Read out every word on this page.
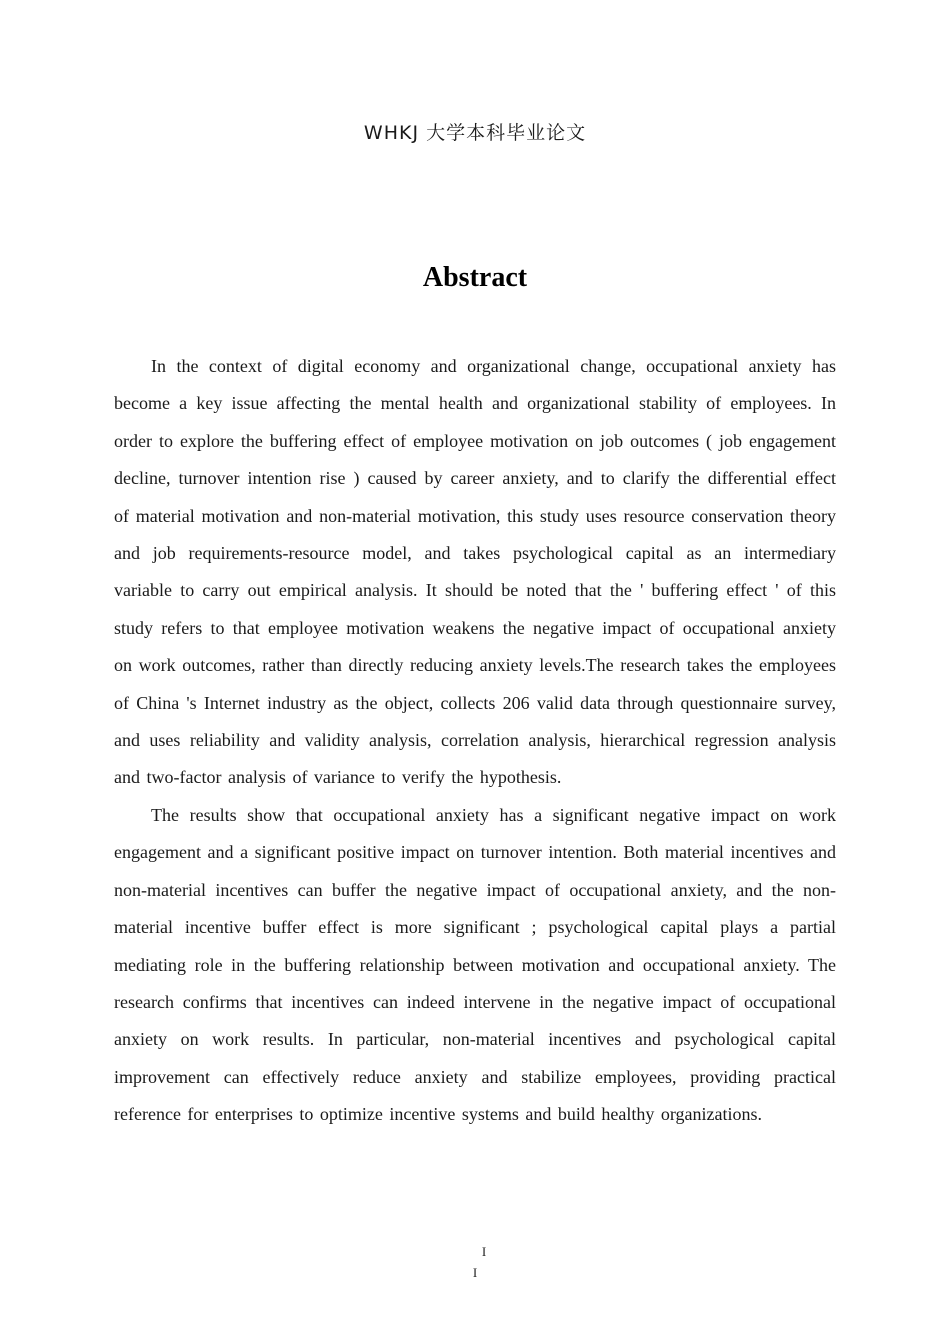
WHKJ 大学本科毕业论文
Abstract

In the context of digital economy and organizational change, occupational anxiety has become a key issue affecting the mental health and organizational stability of employees. In order to explore the buffering effect of employee motivation on job outcomes ( job engagement decline, turnover intention rise ) caused by career anxiety, and to clarify the differential effect of material motivation and non-material motivation, this study uses resource conservation theory and job requirements-resource model, and takes psychological capital as an intermediary variable to carry out empirical analysis. It should be noted that the ' buffering effect ' of this study refers to that employee motivation weakens the negative impact of occupational anxiety on work outcomes, rather than directly reducing anxiety levels.The research takes the employees of China 's Internet industry as the object, collects 206 valid data through questionnaire survey, and uses reliability and validity analysis, correlation analysis, hierarchical regression analysis and two-factor analysis of variance to verify the hypothesis.

The results show that occupational anxiety has a significant negative impact on work engagement and a significant positive impact on turnover intention. Both material incentives and non-material incentives can buffer the negative impact of occupational anxiety, and the non-material incentive buffer effect is more significant ; psychological capital plays a partial mediating role in the buffering relationship between motivation and occupational anxiety. The research confirms that incentives can indeed intervene in the negative impact of occupational anxiety on work results. In particular, non-material incentives and psychological capital improvement can effectively reduce anxiety and stabilize employees, providing practical reference for enterprises to optimize incentive systems and build healthy organizations.

I
I
